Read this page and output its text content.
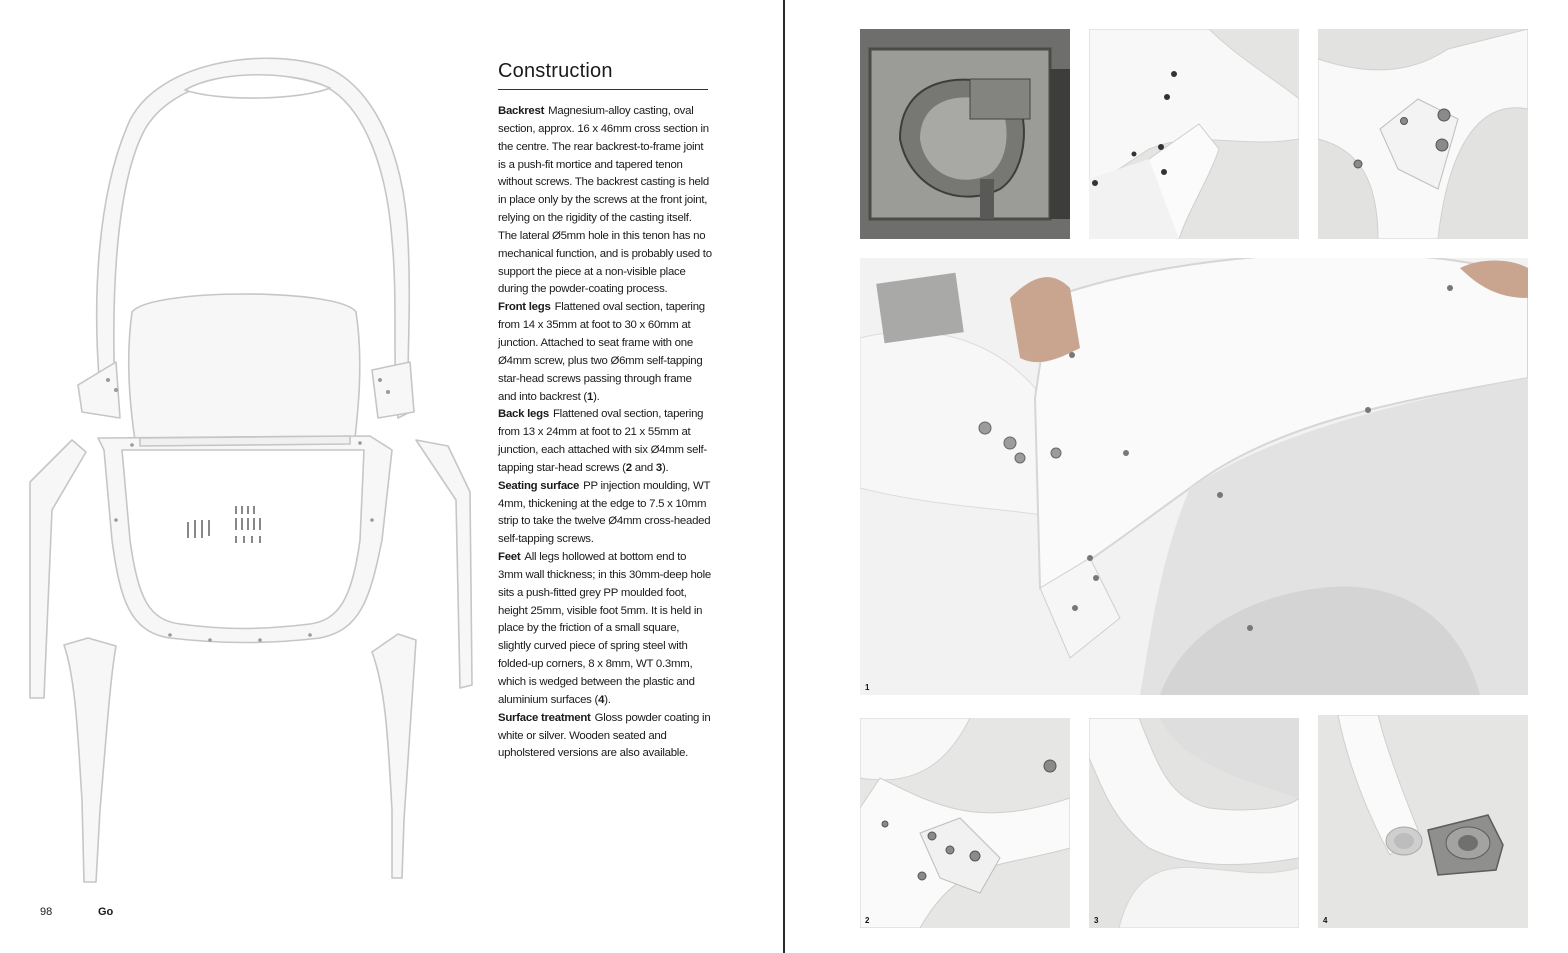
Construction

Backrest Magnesium-alloy casting, oval section, approx. 16 x 46mm cross section in the centre. The rear backrest-to-frame joint is a push-fit mortice and tapered tenon without screws. The backrest casting is held in place only by the screws at the front joint, relying on the rigidity of the casting itself. The lateral Ø5mm hole in this tenon has no mechanical function, and is probably used to support the piece at a non-visible place during the powder-coating process.

Front legs Flattened oval section, tapering from 14 x 35mm at foot to 30 x 60mm at junction. Attached to seat frame with one Ø4mm screw, plus two Ø6mm self-tapping star-head screws passing through frame and into backrest (1).

Back legs Flattened oval section, tapering from 13 x 24mm at foot to 21 x 55mm at junction, each attached with six Ø4mm self-tapping star-head screws (2 and 3).

Seating surface PP injection moulding, WT 4mm, thickening at the edge to 7.5 x 10mm strip to take the twelve Ø4mm cross-headed self-tapping screws.

Feet All legs hollowed at bottom end to 3mm wall thickness; in this 30mm-deep hole sits a push-fitted grey PP moulded foot, height 25mm, visible foot 5mm. It is held in place by the friction of a small square, slightly curved piece of spring steel with folded-up corners, 8 x 8mm, WT 0.3mm, which is wedged between the plastic and aluminium surfaces (4).

Surface treatment Gloss powder coating in white or silver. Wooden seated and upholstered versions are also available.

98	Go
1
2	3	4
